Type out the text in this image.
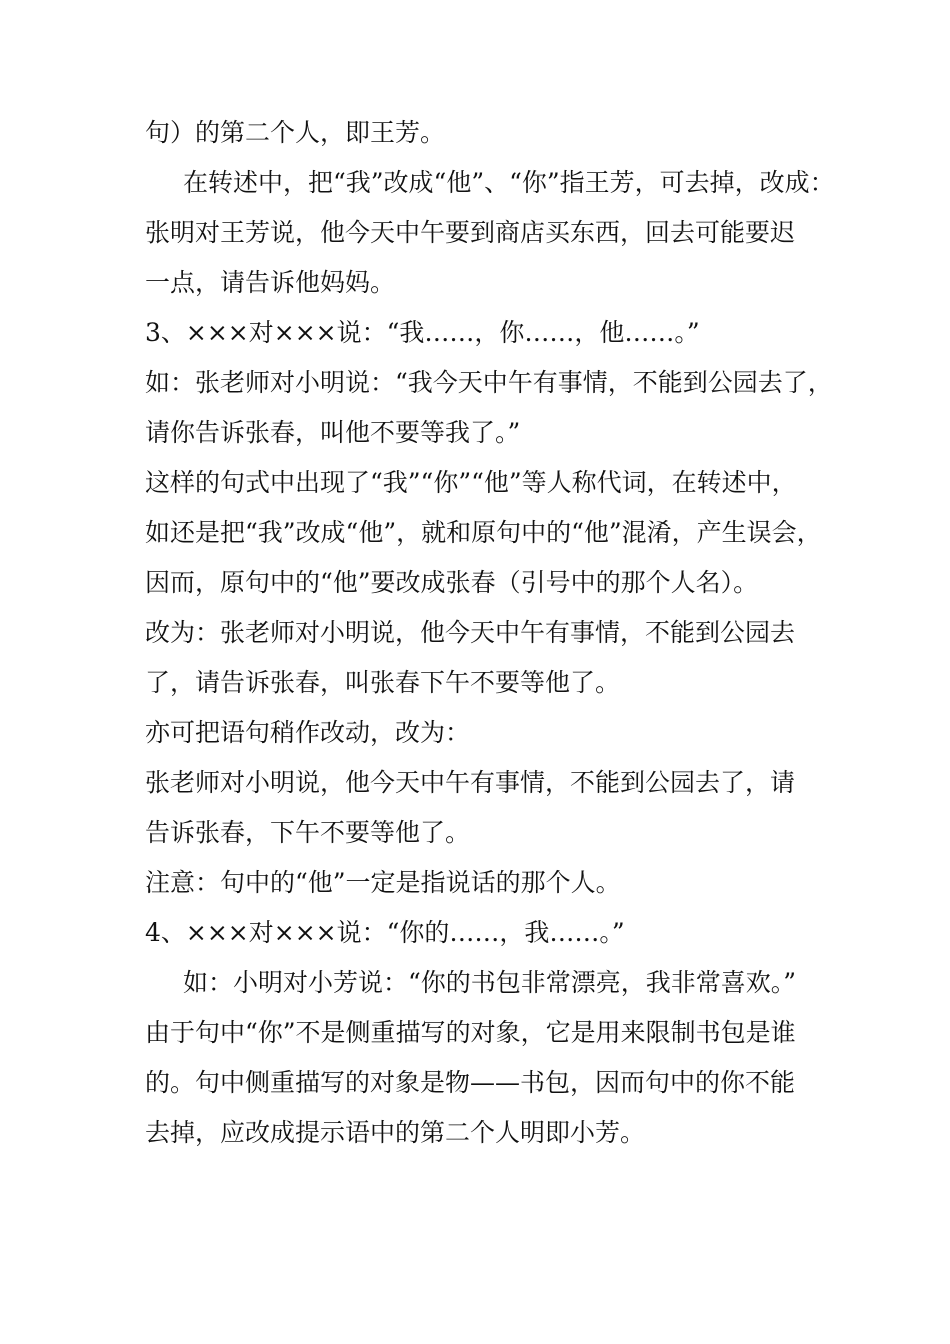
句）的第二个人，即王芳。
在转述中，把“我”改成“他”、“你”指王芳，可去掉，改成：
张明对王芳说，他今天中午要到商店买东西，回去可能要迟
一点，请告诉他妈妈。
3、×××对×××说：“我……，你……，他……。”
如：张老师对小明说：“我今天中午有事情，不能到公园去了，
请你告诉张春，叫他不要等我了。”
这样的句式中出现了“我”“你”“他”等人称代词，在转述中，
如还是把“我”改成“他”，就和原句中的“他”混淆，产生误会，
因而，原句中的“他”要改成张春（引号中的那个人名）。
改为：张老师对小明说，他今天中午有事情，不能到公园去
了，请告诉张春，叫张春下午不要等他了。
亦可把语句稍作改动，改为：
张老师对小明说，他今天中午有事情，不能到公园去了，请
告诉张春，下午不要等他了。
注意：句中的“他”一定是指说话的那个人。
4、×××对×××说：“你的……，我……。”
如：小明对小芳说：“你的书包非常漂亮，我非常喜欢。”
由于句中“你”不是侧重描写的对象，它是用来限制书包是谁
的。句中侧重描写的对象是物——书包，因而句中的你不能
去掉，应改成提示语中的第二个人明即小芳。
